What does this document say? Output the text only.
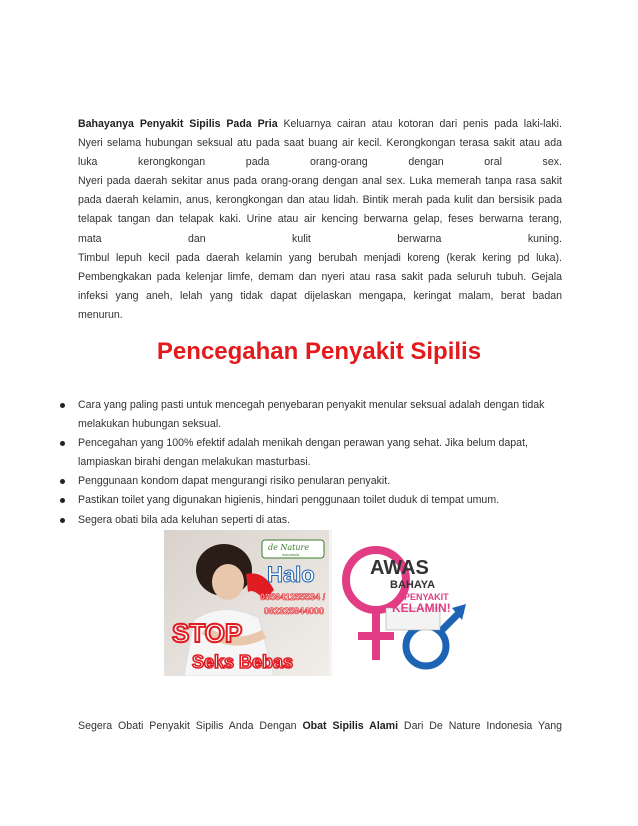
Bahayanya Penyakit Sipilis Pada Pria Keluarnya cairan atau kotoran dari penis pada laki-laki.
Nyeri selama hubungan seksual atu pada saat buang air kecil. Kerongkongan terasa sakit atau ada
luka kerongkongan pada orang-orang dengan oral sex.
Nyeri pada daerah sekitar anus pada orang-orang dengan anal sex. Luka memerah tanpa rasa sakit
pada daerah kelamin, anus, kerongkongan dan atau lidah. Bintik merah pada kulit dan bersisik pada
telapak tangan dan telapak kaki. Urine atau air kencing berwarna gelap, feses berwarna terang,
mata dan kulit berwarna kuning.
Timbul lepuh kecil pada daerah kelamin yang berubah menjadi koreng (kerak kering pd luka).
Pembengkakan pada kelenjar limfe, demam dan nyeri atau rasa sakit pada seluruh tubuh. Gejala
infeksi yang aneh, lelah yang tidak dapat dijelaskan mengapa, keringat malam, berat badan
menurun.
Pencegahan Penyakit Sipilis
Cara yang paling pasti untuk mencegah penyebaran penyakit menular seksual adalah dengan tidak melakukan hubungan seksual.
Pencegahan yang 100% efektif adalah menikah dengan perawan yang sehat. Jika belum dapat, lampiaskan birahi dengan melakukan masturbasi.
Penggunaan kondom dapat mengurangi risiko penularan penyakit.
Pastikan toilet yang digunakan higienis, hindari penggunaan toilet duduk di tempat umum.
Segera obati bila ada keluhan seperti di atas.
de Nature
indonesia
Halo
085641255534 /
082325844000
STOP
Seks Bebas
AWAS
BAHAYA
PENYAKIT
KELAMIN!
Segera Obati Penyakit Sipilis Anda Dengan Obat Sipilis Alami Dari De Nature Indonesia Yang
